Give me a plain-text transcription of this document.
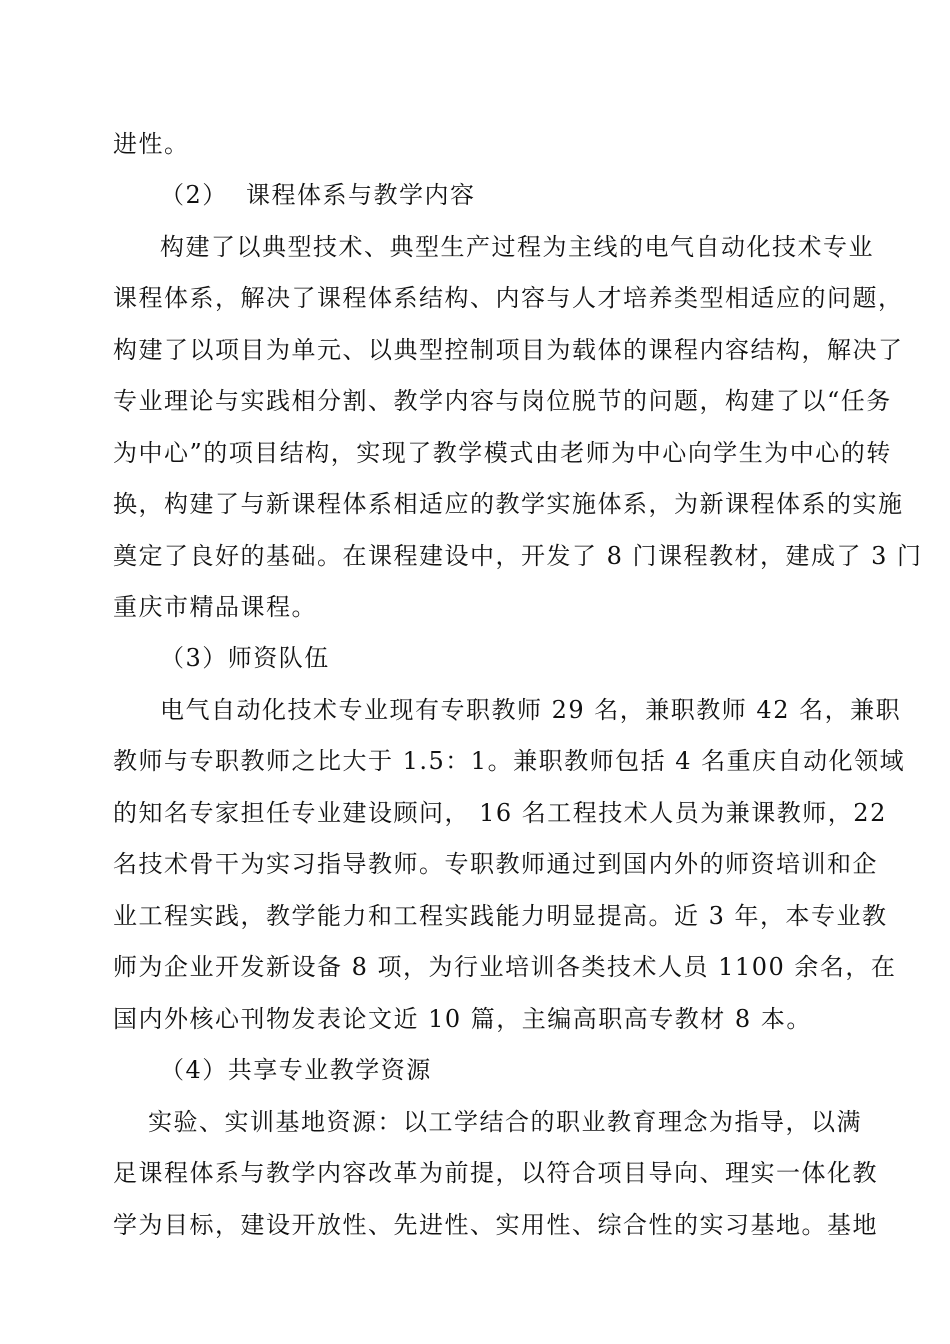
进性。
（2）  课程体系与教学内容
构建了以典型技术、典型生产过程为主线的电气自动化技术专业
课程体系，解决了课程体系结构、内容与人才培养类型相适应的问题，
构建了以项目为单元、以典型控制项目为载体的课程内容结构，解决了
专业理论与实践相分割、教学内容与岗位脱节的问题，构建了以“任务
为中心”的项目结构，实现了教学模式由老师为中心向学生为中心的转
换，构建了与新课程体系相适应的教学实施体系，为新课程体系的实施
奠定了良好的基础。在课程建设中，开发了 8 门课程教材，建成了 3 门
重庆市精品课程。
（3）师资队伍
电气自动化技术专业现有专职教师 29 名，兼职教师 42 名，兼职
教师与专职教师之比大于 1.5：1。兼职教师包括 4 名重庆自动化领域
的知名专家担任专业建设顾问， 16 名工程技术人员为兼课教师，22
名技术骨干为实习指导教师。专职教师通过到国内外的师资培训和企
业工程实践，教学能力和工程实践能力明显提高。近 3 年，本专业教
师为企业开发新设备 8 项，为行业培训各类技术人员 1100 余名，在
国内外核心刊物发表论文近 10 篇，主编高职高专教材 8 本。
（4）共享专业教学资源
实验、实训基地资源：以工学结合的职业教育理念为指导，以满
足课程体系与教学内容改革为前提，以符合项目导向、理实一体化教
学为目标，建设开放性、先进性、实用性、综合性的实习基地。基地
